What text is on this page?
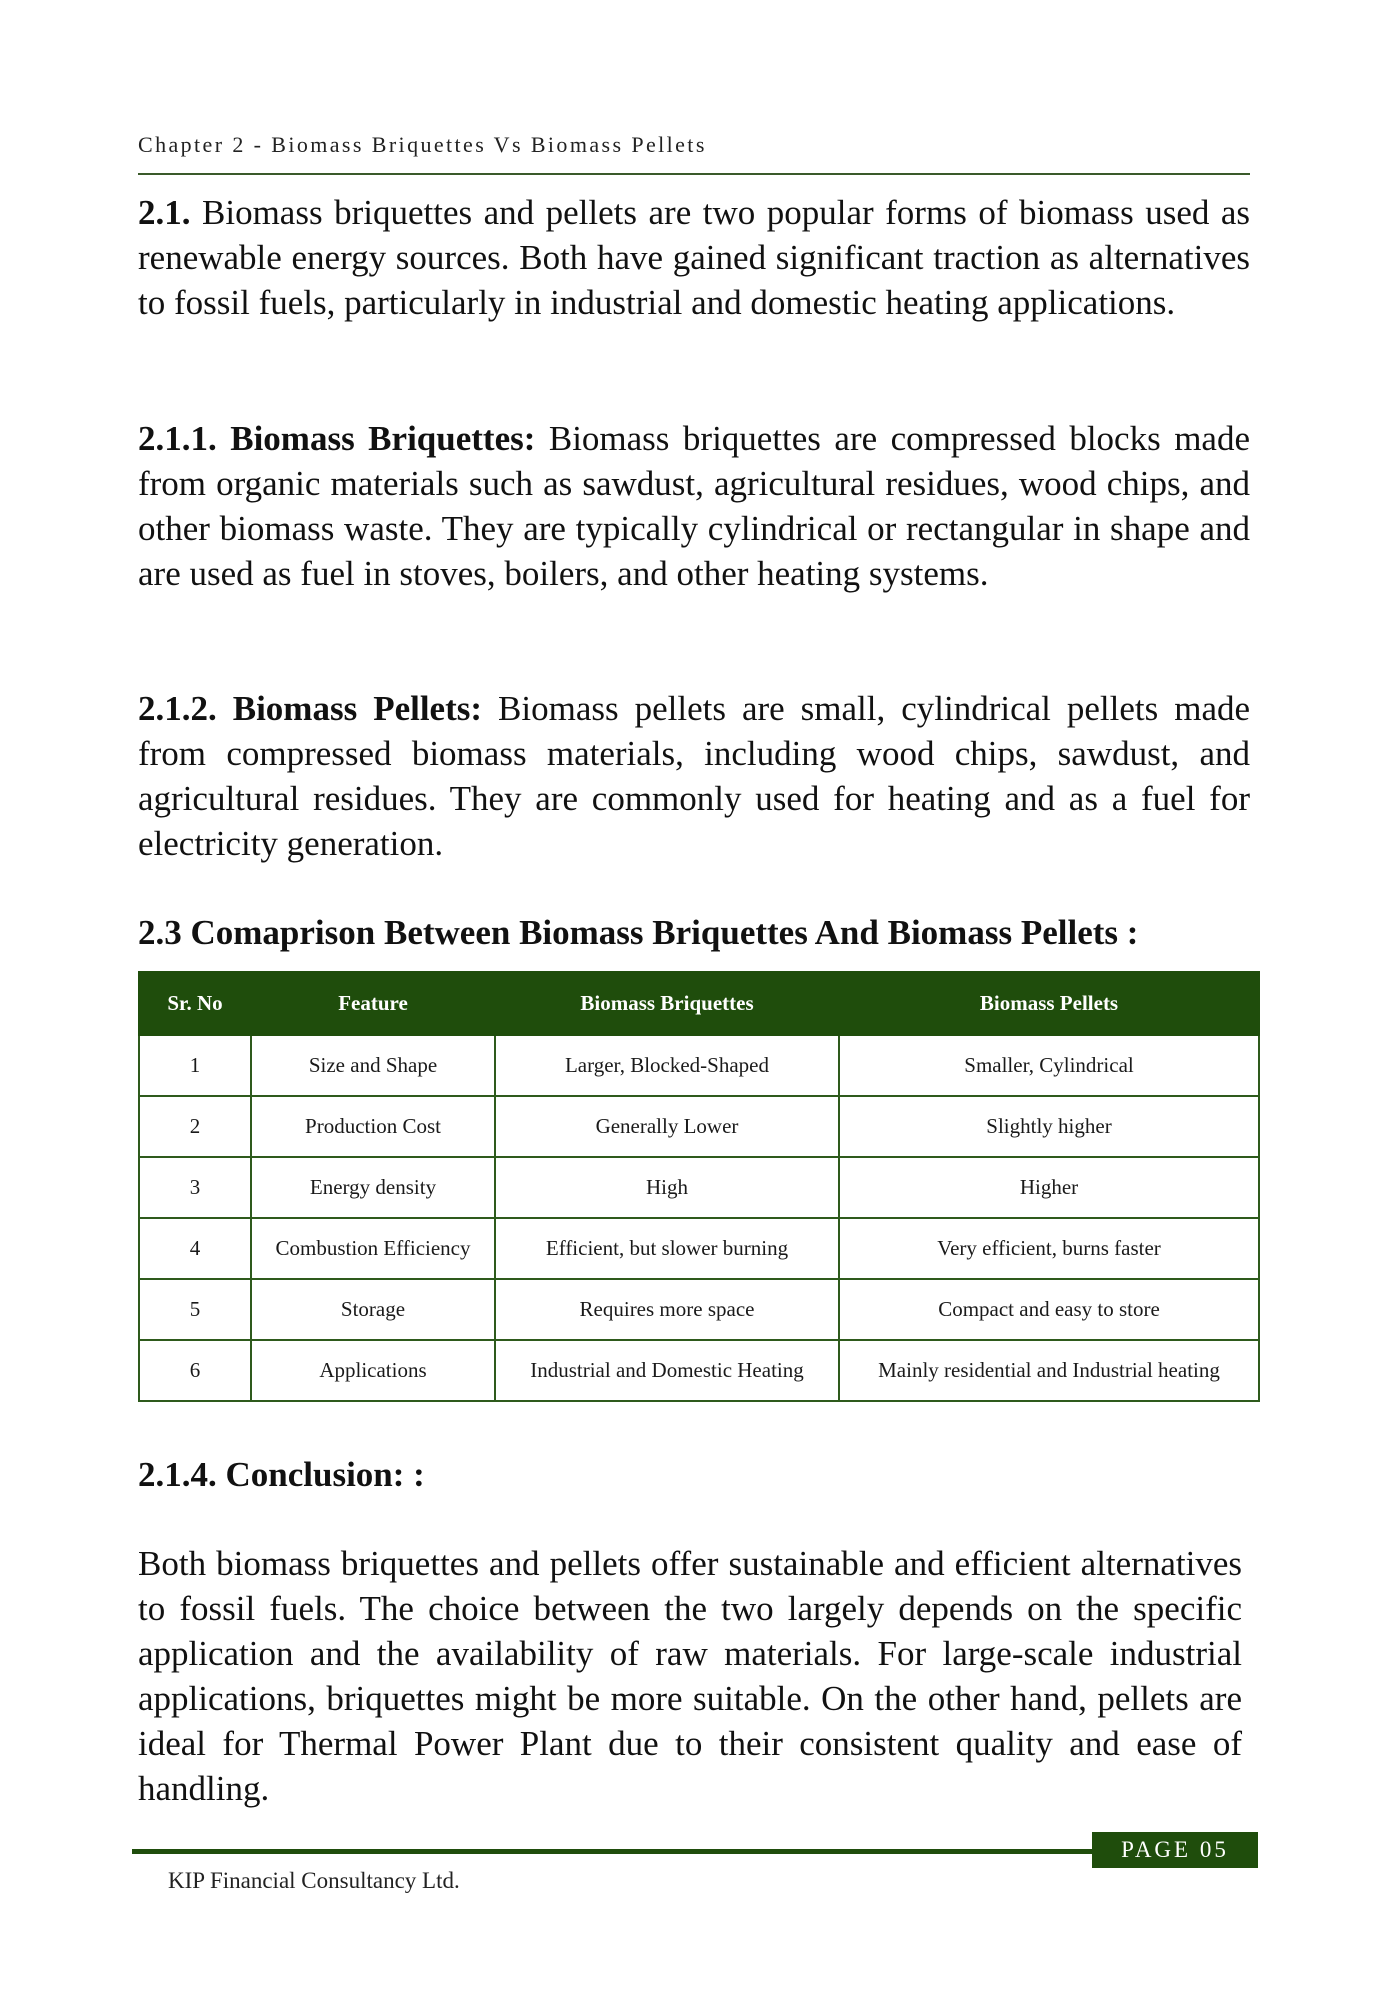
Chapter 2 - Biomass Briquettes Vs Biomass Pellets

2.1. Biomass briquettes and pellets are two popular forms of biomass used as renewable energy sources. Both have gained significant traction as alternatives to fossil fuels, particularly in industrial and domestic heating applications.

2.1.1. Biomass Briquettes: Biomass briquettes are compressed blocks made from organic materials such as sawdust, agricultural residues, wood chips, and other biomass waste. They are typically cylindrical or rectangular in shape and are used as fuel in stoves, boilers, and other heating systems.

2.1.2. Biomass Pellets: Biomass pellets are small, cylindrical pellets made from compressed biomass materials, including wood chips, sawdust, and agricultural residues. They are commonly used for heating and as a fuel for electricity generation.

2.3 Comaprison Between Biomass Briquettes And Biomass Pellets :
Sr. No	Feature	Biomass Briquettes	Biomass Pellets
1	Size and Shape	Larger, Blocked-Shaped	Smaller, Cylindrical
2	Production Cost	Generally Lower	Slightly higher
3	Energy density	High	Higher
4	Combustion Efficiency	Efficient, but slower burning	Very efficient, burns faster
5	Storage	Requires more space	Compact and easy to store
6	Applications	Industrial and Domestic Heating	Mainly residential and Industrial heating
2.1.4. Conclusion: :

Both biomass briquettes and pellets offer sustainable and efficient alternatives to fossil fuels. The choice between the two largely depends on the specific application and the availability of raw materials. For large-scale industrial applications, briquettes might be more suitable. On the other hand, pellets are ideal for Thermal Power Plant due to their consistent quality and ease of handling.

PAGE 05
KIP Financial Consultancy Ltd.
